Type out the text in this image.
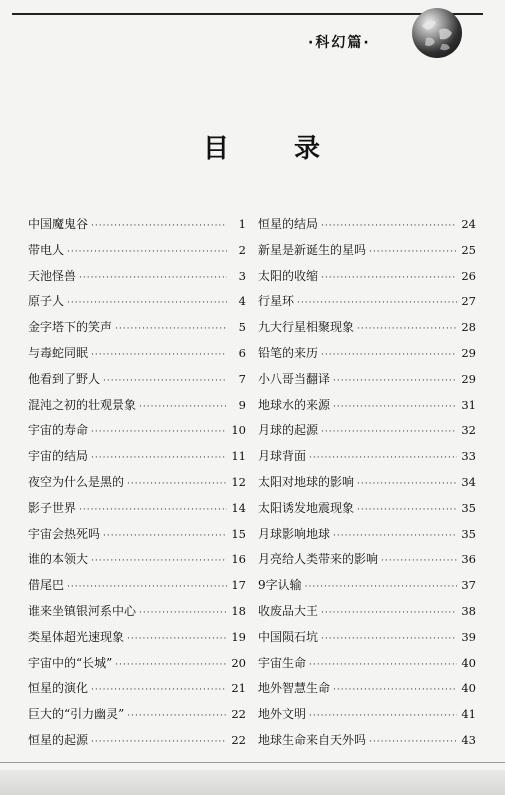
·科幻篇·
目 录
中国魔鬼谷 ·····	1
带电人 ·····	2
天池怪兽 ·····	3
原子人 ·····	4
金字塔下的笑声 ·····	5
与毒蛇同眠 ·····	6
他看到了野人 ·····	7
混沌之初的壮观景象 ·····	9
宇宙的寿命 ·····	10
宇宙的结局 ·····	11
夜空为什么是黑的 ·····	12
影子世界 ·····	14
宇宙会热死吗 ·····	15
谁的本领大 ·····	16
借尾巴 ·····	17
谁来坐镇银河系中心 ·····	18
类星体超光速现象 ·····	19
宇宙中的“长城” ·····	20
恒星的演化 ·····	21
巨大的“引力幽灵” ·····	22
恒星的起源 ·····	22
恒星的结局 ·····	24
新星是新诞生的星吗 ·····	25
太阳的收缩 ·····	26
行星环 ·····	27
九大行星相聚现象 ·····	28
铅笔的来历 ·····	29
小八哥当翻译 ·····	29
地球水的来源 ·····	31
月球的起源 ·····	32
月球背面 ·····	33
太阳对地球的影响 ·····	34
太阳诱发地震现象 ·····	35
月球影响地球 ·····	35
月亮给人类带来的影响 ·····	36
9字认输 ·····	37
收废品大王 ·····	38
中国陨石坑 ·····	39
宇宙生命 ·····	40
地外智慧生命 ·····	40
地外文明 ·····	41
地球生命来自天外吗 ·····	43
